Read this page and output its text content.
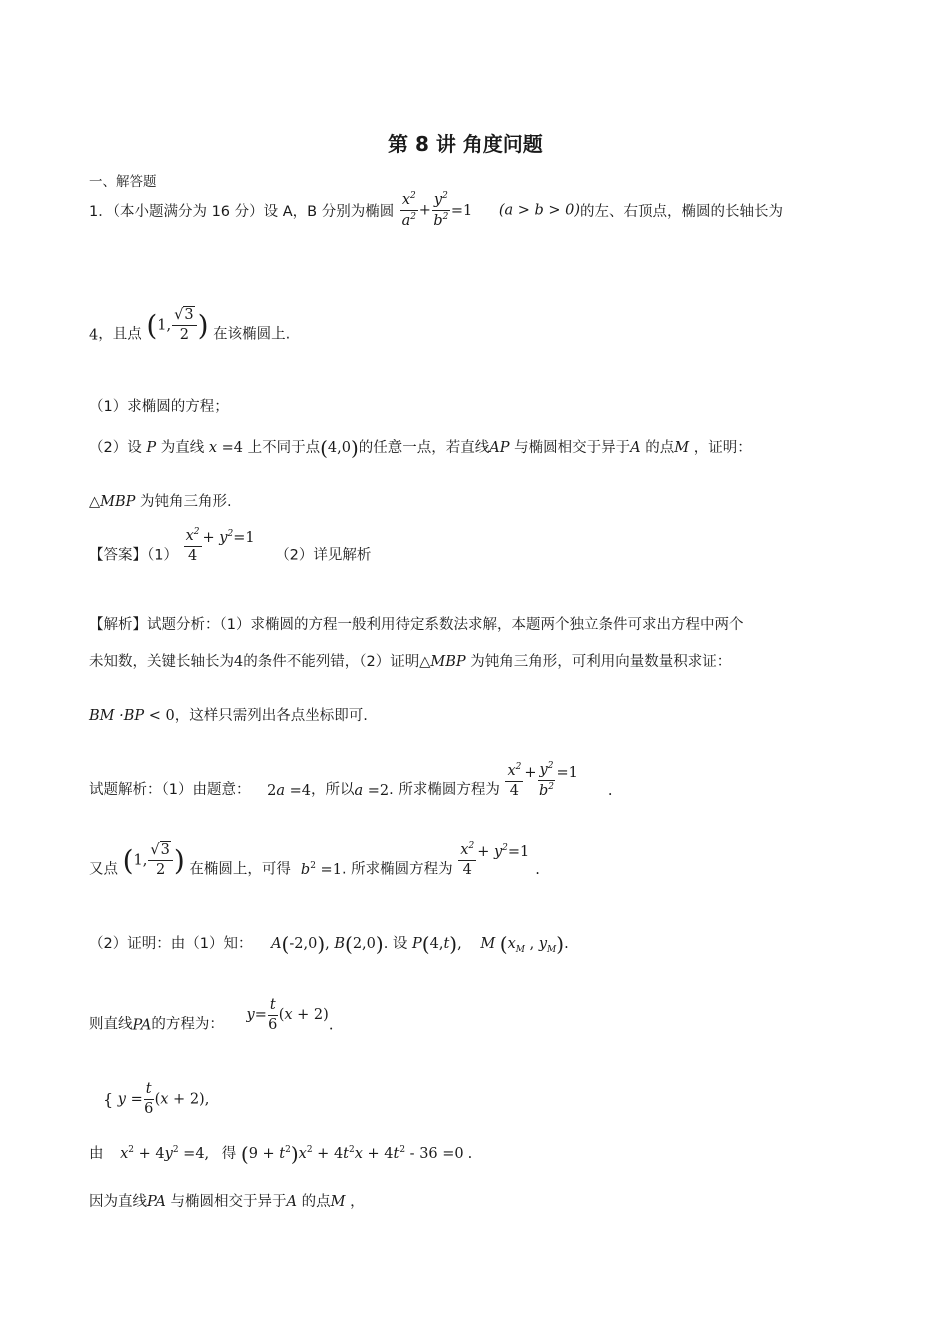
第 8 讲 角度问题
一、解答题
1．（本小题满分为 16 分）设 A，B 分别为椭圆 $\frac{x^2}{a^2} + \frac{y^2}{b^2} =1$ (a > b > 0)的左、右顶点，椭圆的长轴长为
4，且点 (1, $\frac{√3}{2}$ ) 在该椭圆上.
（1）求椭圆的方程；
（2）设 P 为直线 x =4 上不同于点(4,0)的任意一点，若直线AP 与椭圆相交于异于A 的点M ，证明：
△MBP 为钝角三角形.
【答案】$(1) \frac{x^2}{4} + y^2=1$ （2）详见解析
【解析】试题分析：（1）求椭圆的方程一般利用待定系数法求解，本题两个独立条件可求出方程中两个
未知数，关键长轴长为4的条件不能列错，（2）证明△MBP 为钝角三角形，可利用向量数量积求证：
BM ·BP < 0，这样只需列出各点坐标即可.
试题解析：（1）由题意： 2a =4，所以a =2. 所求椭圆方程为 $\frac{x^2}{4} + \frac{y^2}{b^2} =1$.
又点 (1, $\frac{√3}{2}$ ) 在椭圆上，可得 $b^2 =1$. 所求椭圆方程为 $\frac{x^2}{4} + y^2=1$.
（2）证明：由（1）知： A(-2,0), B(2,0). 设 P(4,t), M ($x_M$ , $y_M$).
则直线PA的方程为： $y= \frac{t}{6} (x + 2)$.
{ $y = \frac{t}{6} (x + 2)$,
由 $x^2 + 4y^2 =4$, 得 $(9 + t^2)x^2 + 4t^2x + 4t^2 - 36 =0$ .
因为直线PA 与椭圆相交于异于A 的点M ，
